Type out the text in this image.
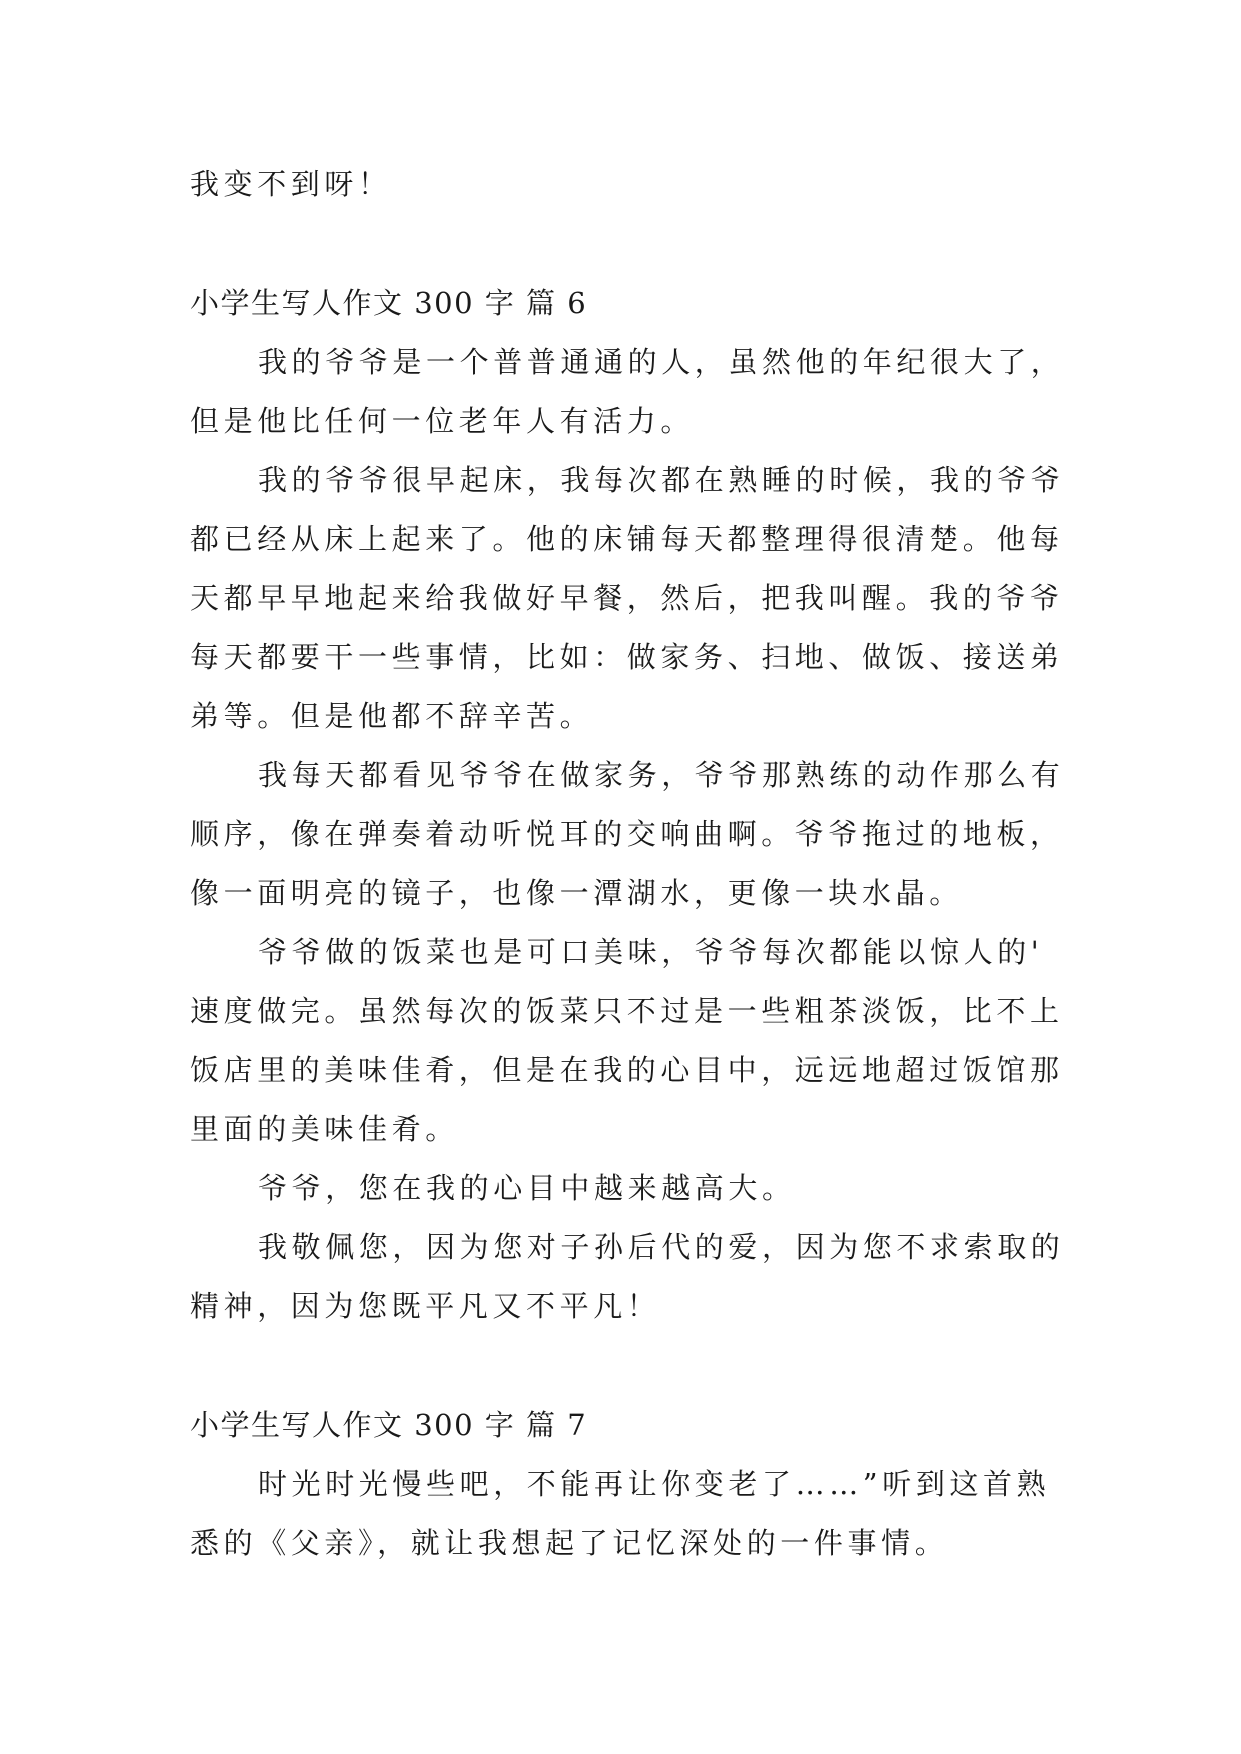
我变不到呀！

小学生写人作文 300 字 篇 6

我的爷爷是一个普普通通的人，虽然他的年纪很大了，

但是他比任何一位老年人有活力。

我的爷爷很早起床，我每次都在熟睡的时候，我的爷爷

都已经从床上起来了。他的床铺每天都整理得很清楚。他每

天都早早地起来给我做好早餐，然后，把我叫醒。我的爷爷

每天都要干一些事情，比如：做家务、扫地、做饭、接送弟

弟等。但是他都不辞辛苦。

我每天都看见爷爷在做家务，爷爷那熟练的动作那么有

顺序，像在弹奏着动听悦耳的交响曲啊。爷爷拖过的地板，

像一面明亮的镜子，也像一潭湖水，更像一块水晶。

爷爷做的饭菜也是可口美味，爷爷每次都能以惊人的'

速度做完。虽然每次的饭菜只不过是一些粗茶淡饭，比不上

饭店里的美味佳肴，但是在我的心目中，远远地超过饭馆那

里面的美味佳肴。

爷爷，您在我的心目中越来越高大。

我敬佩您，因为您对子孙后代的爱，因为您不求索取的

精神，因为您既平凡又不平凡！

小学生写人作文 300 字 篇 7

时光时光慢些吧，不能再让你变老了……”听到这首熟

悉的《父亲》，就让我想起了记忆深处的一件事情。
